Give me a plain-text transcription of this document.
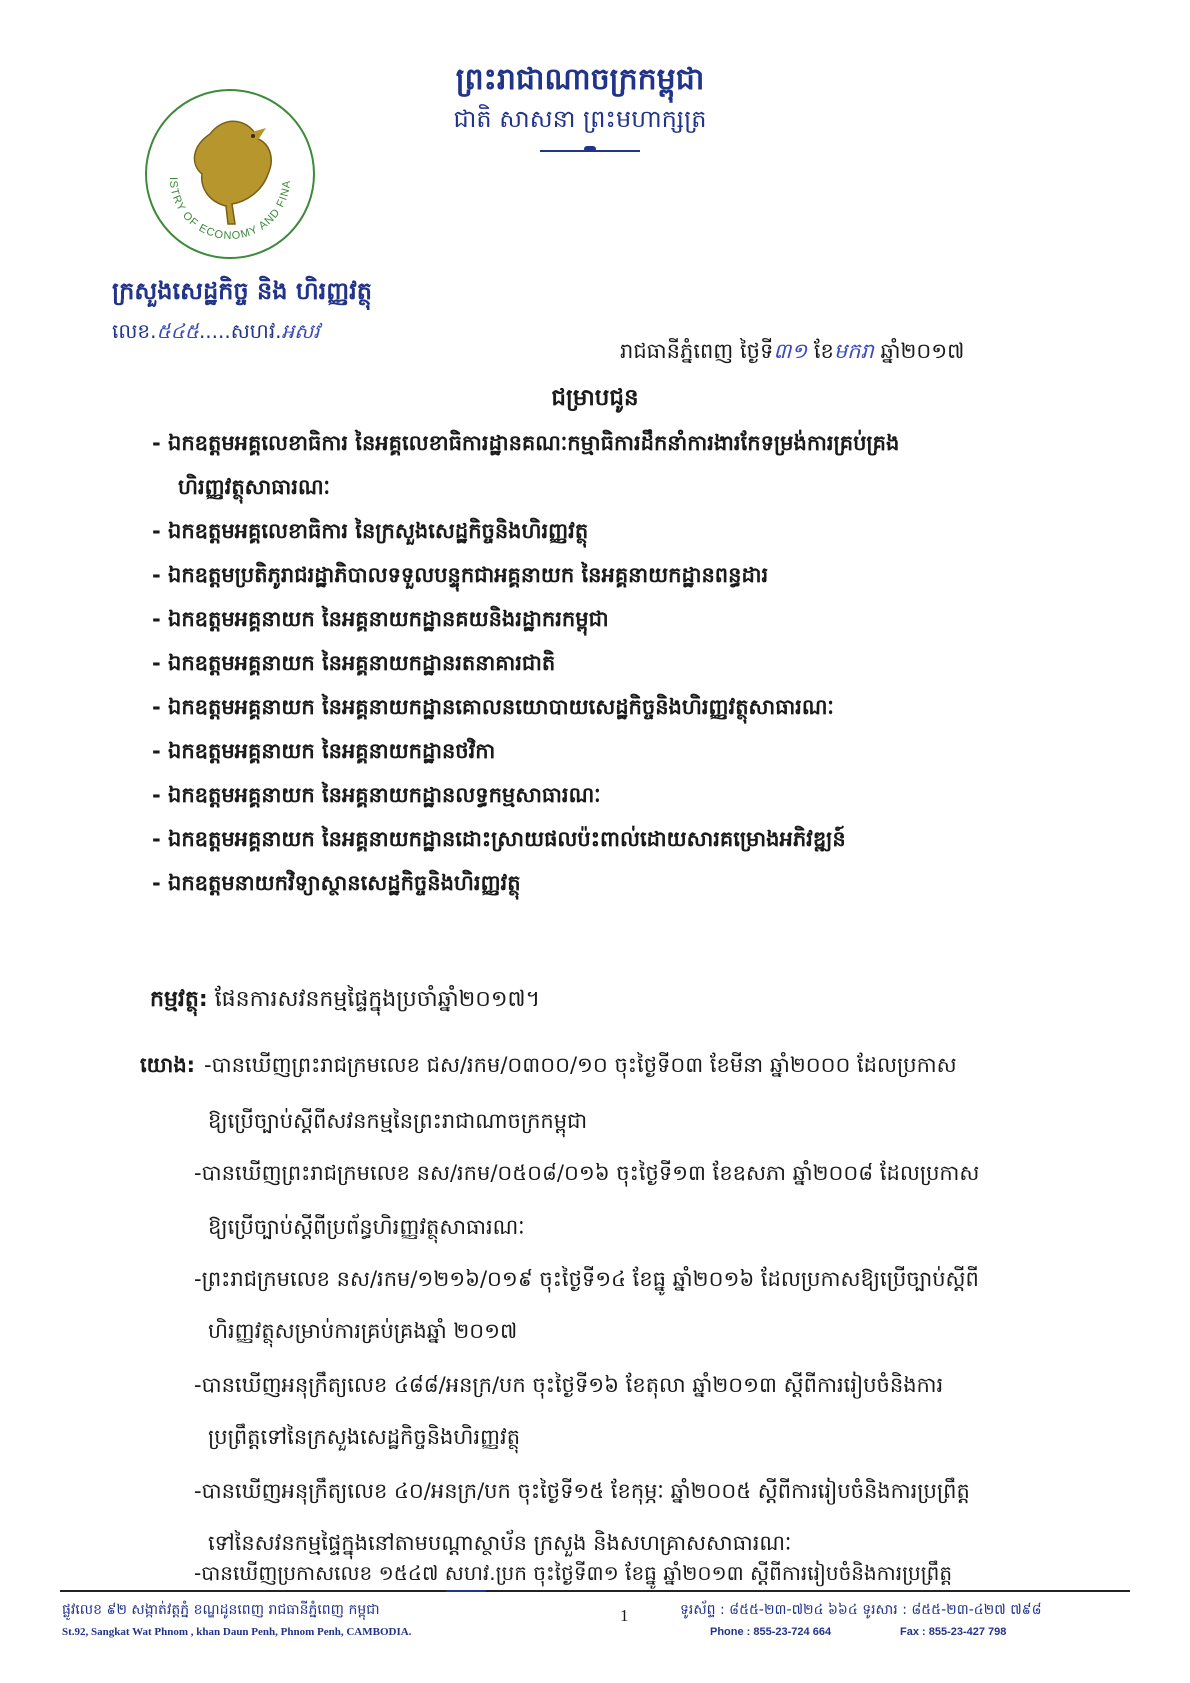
ISTRY OF ECONOMY AND FINA
ក្រសួងសេដ្ឋកិច្ច និង ហិរញ្ញវត្ថុ
លេខ.៥៤៥.....សហវ.អសវ
ព្រះរាជាណាចក្រកម្ពុជា
ជាតិ សាសនា ព្រះមហាក្សត្រ
រាជធានីភ្នំពេញ ថ្ងៃទី៣១ ខែមករា ឆ្នាំ២០១៧
ជម្រាបជូន
- ឯកឧត្តមអគ្គលេខាធិការ នៃអគ្គលេខាធិការដ្ឋានគណៈកម្មាធិការដឹកនាំការងារកែទម្រង់ការគ្រប់គ្រង
ហិរញ្ញវត្ថុសាធារណៈ
- ឯកឧត្តមអគ្គលេខាធិការ នៃក្រសួងសេដ្ឋកិច្ចនិងហិរញ្ញវត្ថុ
- ឯកឧត្តមប្រតិភូរាជរដ្ឋាភិបាលទទួលបន្ទុកជាអគ្គនាយក នៃអគ្គនាយកដ្ឋានពន្ធដារ
- ឯកឧត្តមអគ្គនាយក នៃអគ្គនាយកដ្ឋានគយនិងរដ្ឋាករកម្ពុជា
- ឯកឧត្តមអគ្គនាយក នៃអគ្គនាយកដ្ឋានរតនាគារជាតិ
- ឯកឧត្តមអគ្គនាយក នៃអគ្គនាយកដ្ឋានគោលនយោបាយសេដ្ឋកិច្ចនិងហិរញ្ញវត្ថុសាធារណៈ
- ឯកឧត្តមអគ្គនាយក នៃអគ្គនាយកដ្ឋានថវិកា
- ឯកឧត្តមអគ្គនាយក នៃអគ្គនាយកដ្ឋានលទ្ធកម្មសាធារណៈ
- ឯកឧត្តមអគ្គនាយក នៃអគ្គនាយកដ្ឋានដោះស្រាយផលប៉ះពាល់ដោយសារគម្រោងអភិវឌ្ឍន៍
- ឯកឧត្តមនាយកវិទ្យាស្ថានសេដ្ឋកិច្ចនិងហិរញ្ញវត្ថុ
កម្មវត្ថុ: ផែនការសវនកម្មផ្ទៃក្នុងប្រចាំឆ្នាំ២០១៧។
យោង: -បានឃើញព្រះរាជក្រមលេខ ជស/រកម/០៣០០/១០ ចុះថ្ងៃទី០៣ ខែមីនា ឆ្នាំ២០០០ ដែលប្រកាស
ឱ្យប្រើច្បាប់ស្តីពីសវនកម្មនៃព្រះរាជាណាចក្រកម្ពុជា
-បានឃើញព្រះរាជក្រមលេខ នស/រកម/០៥០៨/០១៦ ចុះថ្ងៃទី១៣ ខែឧសភា ឆ្នាំ២០០៨ ដែលប្រកាស
ឱ្យប្រើច្បាប់ស្តីពីប្រព័ន្ធហិរញ្ញវត្ថុសាធារណៈ
-ព្រះរាជក្រមលេខ នស/រកម/១២១៦/០១៩ ចុះថ្ងៃទី១៤ ខែធ្នូ ឆ្នាំ២០១៦ ដែលប្រកាសឱ្យប្រើច្បាប់ស្តីពី
ហិរញ្ញវត្ថុសម្រាប់ការគ្រប់គ្រងឆ្នាំ ២០១៧
-បានឃើញអនុក្រឹត្យលេខ ៤៨៨/អនក្រ/បក ចុះថ្ងៃទី១៦ ខែតុលា ឆ្នាំ២០១៣ ស្តីពីការរៀបចំនិងការ
ប្រព្រឹត្តទៅនៃក្រសួងសេដ្ឋកិច្ចនិងហិរញ្ញវត្ថុ
-បានឃើញអនុក្រឹត្យលេខ ៤០/អនក្រ/បក ចុះថ្ងៃទី១៥ ខែកុម្ភៈ ឆ្នាំ២០០៥ ស្តីពីការរៀបចំនិងការប្រព្រឹត្ត
ទៅនៃសវនកម្មផ្ទៃក្នុងនៅតាមបណ្តាស្ថាប័ន ក្រសួង និងសហគ្រាសសាធារណៈ
-បានឃើញប្រកាសលេខ ១៥៤៧ សហវ.ប្រក ចុះថ្ងៃទី៣១ ខែធ្នូ ឆ្នាំ២០១៣ ស្តីពីការរៀបចំនិងការប្រព្រឹត្ត
ផ្លូវលេខ ៩២ សង្កាត់វត្តភ្នំ ខណ្ឌដូនពេញ រាជធានីភ្នំពេញ កម្ពុជា
St.92, Sangkat Wat Phnom , khan Daun Penh, Phnom Penh, CAMBODIA.
1	ទូរស័ព្ទ : ៨៥៥-២៣-៧២៤ ៦៦៤ ទូរសារ : ៨៥៥-២៣-៤២៧ ៧៩៨
Phone : 855-23-724 664	Fax : 855-23-427 798
